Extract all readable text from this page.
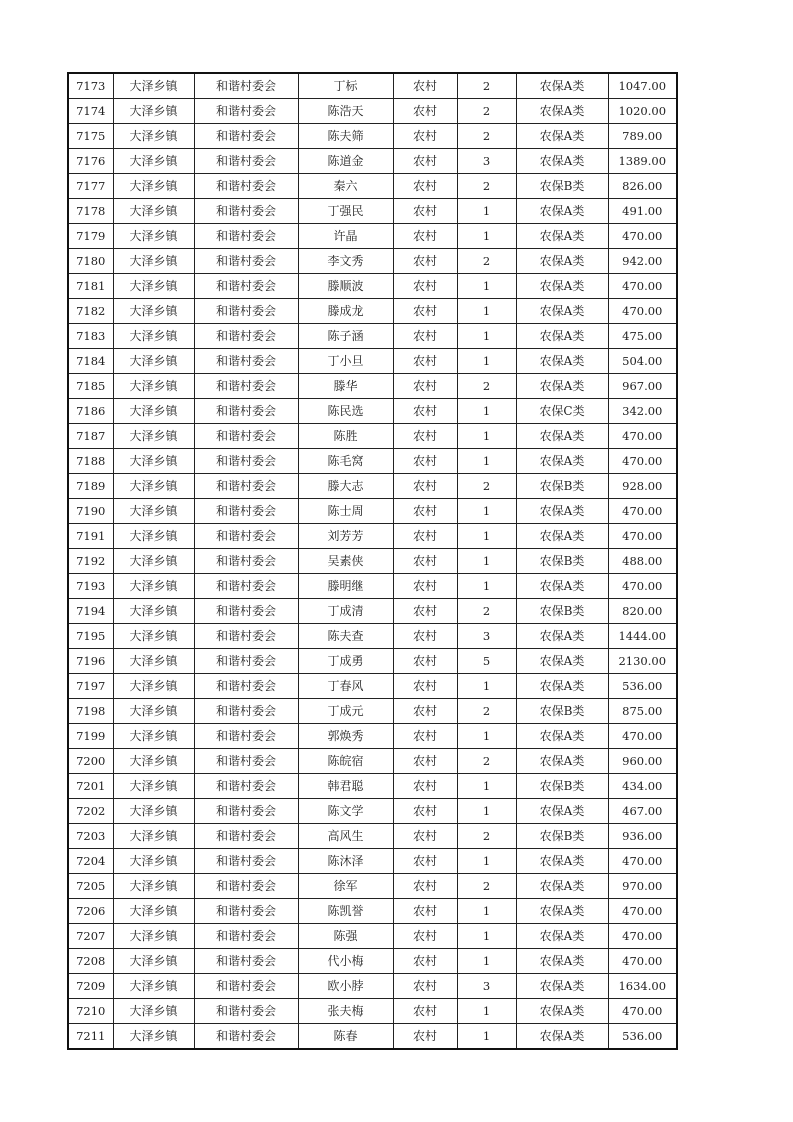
7173	大泽乡镇	和谐村委会	丁标	农村	2	农保A类	1047.00
7174	大泽乡镇	和谐村委会	陈浩天	农村	2	农保A类	1020.00
7175	大泽乡镇	和谐村委会	陈夫筛	农村	2	农保A类	789.00
7176	大泽乡镇	和谐村委会	陈道金	农村	3	农保A类	1389.00
7177	大泽乡镇	和谐村委会	秦六	农村	2	农保B类	826.00
7178	大泽乡镇	和谐村委会	丁强民	农村	1	农保A类	491.00
7179	大泽乡镇	和谐村委会	许晶	农村	1	农保A类	470.00
7180	大泽乡镇	和谐村委会	李文秀	农村	2	农保A类	942.00
7181	大泽乡镇	和谐村委会	滕顺波	农村	1	农保A类	470.00
7182	大泽乡镇	和谐村委会	滕成龙	农村	1	农保A类	470.00
7183	大泽乡镇	和谐村委会	陈子涵	农村	1	农保A类	475.00
7184	大泽乡镇	和谐村委会	丁小旦	农村	1	农保A类	504.00
7185	大泽乡镇	和谐村委会	滕华	农村	2	农保A类	967.00
7186	大泽乡镇	和谐村委会	陈民选	农村	1	农保C类	342.00
7187	大泽乡镇	和谐村委会	陈胜	农村	1	农保A类	470.00
7188	大泽乡镇	和谐村委会	陈毛窝	农村	1	农保A类	470.00
7189	大泽乡镇	和谐村委会	滕大志	农村	2	农保B类	928.00
7190	大泽乡镇	和谐村委会	陈士周	农村	1	农保A类	470.00
7191	大泽乡镇	和谐村委会	刘芳芳	农村	1	农保A类	470.00
7192	大泽乡镇	和谐村委会	吴素侠	农村	1	农保B类	488.00
7193	大泽乡镇	和谐村委会	滕明继	农村	1	农保A类	470.00
7194	大泽乡镇	和谐村委会	丁成清	农村	2	农保B类	820.00
7195	大泽乡镇	和谐村委会	陈夫查	农村	3	农保A类	1444.00
7196	大泽乡镇	和谐村委会	丁成勇	农村	5	农保A类	2130.00
7197	大泽乡镇	和谐村委会	丁春风	农村	1	农保A类	536.00
7198	大泽乡镇	和谐村委会	丁成元	农村	2	农保B类	875.00
7199	大泽乡镇	和谐村委会	郭焕秀	农村	1	农保A类	470.00
7200	大泽乡镇	和谐村委会	陈皖宿	农村	2	农保A类	960.00
7201	大泽乡镇	和谐村委会	韩君聪	农村	1	农保B类	434.00
7202	大泽乡镇	和谐村委会	陈文学	农村	1	农保A类	467.00
7203	大泽乡镇	和谐村委会	高风生	农村	2	农保B类	936.00
7204	大泽乡镇	和谐村委会	陈沐泽	农村	1	农保A类	470.00
7205	大泽乡镇	和谐村委会	徐军	农村	2	农保A类	970.00
7206	大泽乡镇	和谐村委会	陈凯誉	农村	1	农保A类	470.00
7207	大泽乡镇	和谐村委会	陈强	农村	1	农保A类	470.00
7208	大泽乡镇	和谐村委会	代小梅	农村	1	农保A类	470.00
7209	大泽乡镇	和谐村委会	欧小脖	农村	3	农保A类	1634.00
7210	大泽乡镇	和谐村委会	张夫梅	农村	1	农保A类	470.00
7211	大泽乡镇	和谐村委会	陈春	农村	1	农保A类	536.00
